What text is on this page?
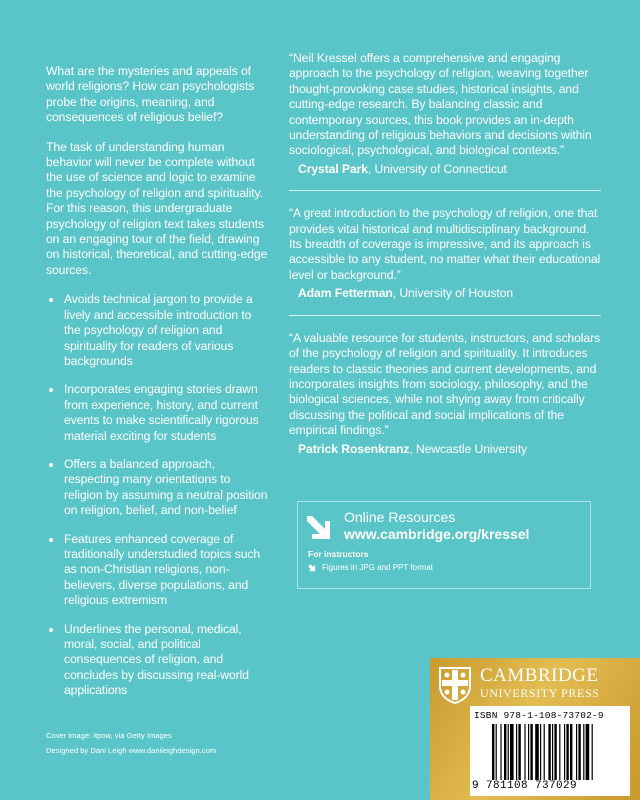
What are the mysteries and appeals of world religions? How can psychologists probe the origins, meaning, and consequences of religious belief?

The task of understanding human behavior will never be complete without the use of science and logic to examine the psychology of religion and spirituality. For this reason, this undergraduate psychology of religion text takes students on an engaging tour of the field, drawing on historical, theoretical, and cutting-edge sources.

Avoids technical jargon to provide a lively and accessible introduction to the psychology of religion and spirituality for readers of various backgrounds
Incorporates engaging stories drawn from experience, history, and current events to make scientifically rigorous material exciting for students
Offers a balanced approach, respecting many orientations to religion by assuming a neutral position on religion, belief, and non-belief
Features enhanced coverage of traditionally understudied topics such as non-Christian religions, non-believers, diverse populations, and religious extremism
Underlines the personal, medical, moral, social, and political consequences of religion, and concludes by discussing real-world applications

“Neil Kressel offers a comprehensive and engaging approach to the psychology of religion, weaving together thought-provoking case studies, historical insights, and cutting-edge research. By balancing classic and contemporary sources, this book provides an in-depth understanding of religious behaviors and decisions within sociological, psychological, and biological contexts.”

Crystal Park, University of Connecticut

“A great introduction to the psychology of religion, one that provides vital historical and multidisciplinary background. Its breadth of coverage is impressive, and its approach is accessible to any student, no matter what their educational level or background.”

Adam Fetterman, University of Houston

“A valuable resource for students, instructors, and scholars of the psychology of religion and spirituality. It introduces readers to classic theories and current developments, and incorporates insights from sociology, philosophy, and the biological sciences, while not shying away from critically discussing the political and social implications of the empirical findings.”

Patrick Rosenkranz, Newcastle University

Online Resources
www.cambridge.org/kressel
For instructors
Figures in JPG and PPT format
Cover image: itpow, via Getty Images
Designed by Dani Leigh www.danileighdesign.com
CAMBRIDGE
UNIVERSITY PRESS
ISBN 978-1-108-73702-9
9 781108 737029
